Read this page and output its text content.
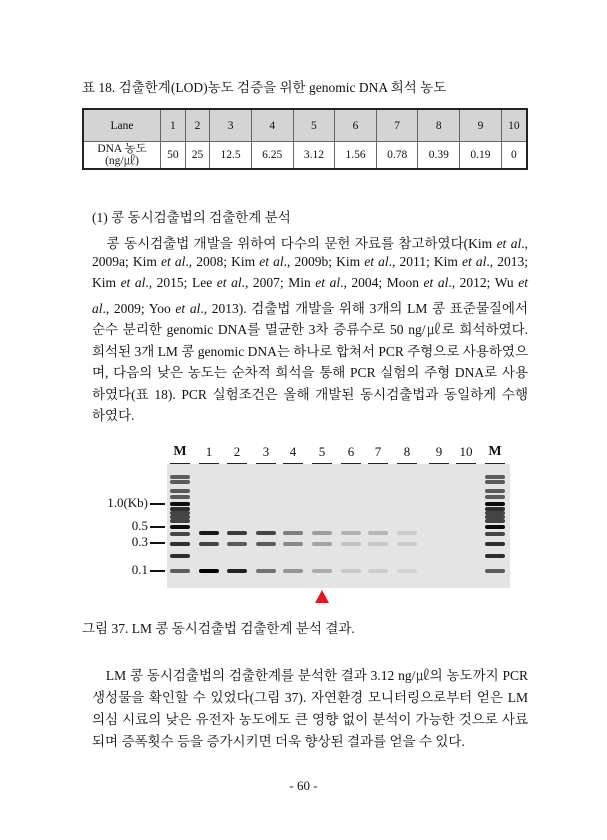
표 18. 검출한계(LOD)농도 검증을 위한 genomic DNA 희석 농도
Lane	1	2	3	4	5	6	7	8	9	10
DNA 농도
(ng/㎕)	50	25	12.5	6.25	3.12	1.56	0.78	0.39	0.19	0
(1) 콩 동시검출법의 검출한계 분석
　콩 동시검출법 개발을 위하여 다수의 문헌 자료를 참고하였다(Kim et al.,
2009a; Kim et al., 2008; Kim et al., 2009b; Kim et al., 2011; Kim et al., 2013;
Kim et al., 2015; Lee et al., 2007; Min et al., 2004; Moon et al., 2012; Wu et
al., 2009; Yoo et al., 2013). 검출법 개발을 위해 3개의 LM 콩 표준물질에서
순수 분리한 genomic DNA를 멸균한 3차 증류수로 50 ng/㎕로 희석하였다.
희석된 3개 LM 콩 genomic DNA는 하나로 합쳐서 PCR 주형으로 사용하였으
며, 다음의 낮은 농도는 순차적 희석을 통해 PCR 실험의 주형 DNA로 사용
하였다(표 18). PCR 실험조건은 올해 개발된 동시검출법과 동일하게 수행
하였다.
그림 37. LM 콩 동시검출법 검출한계 분석 결과.
　LM 콩 동시검출법의 검출한계를 분석한 결과 3.12 ng/㎕의 농도까지 PCR
생성물을 확인할 수 있었다(그림 37). 자연환경 모니터링으로부터 얻은 LM
의심 시료의 낮은 유전자 농도에도 큰 영향 없이 분석이 가능한 것으로 사료
되며 증폭횟수 등을 증가시키면 더욱 향상된 결과를 얻을 수 있다.
- 60 -
M 1 2 3 4 5 6 7 8 9 10 M
1.0(Kb)
0.5
0.3
0.1
